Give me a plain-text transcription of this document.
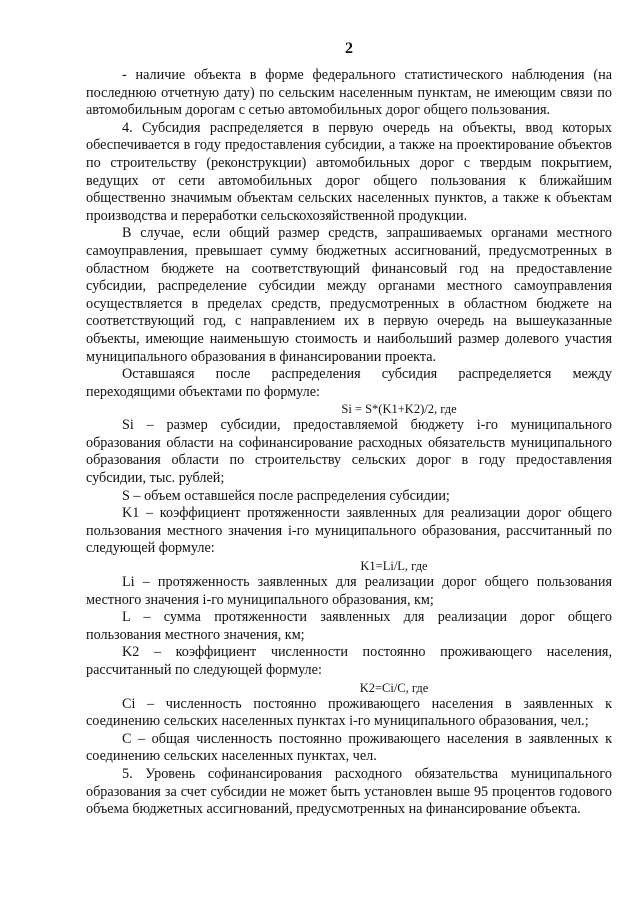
2

- наличие объекта в форме федерального статистического наблюдения (на последнюю отчетную дату) по сельским населенным пунктам, не имеющим связи по автомобильным дорогам с сетью автомобильных дорог общего пользования.

4. Субсидия распределяется в первую очередь на объекты, ввод которых обеспечивается в году предоставления субсидии, а также на проектирование объектов по строительству (реконструкции) автомобильных дорог с твердым покрытием, ведущих от сети автомобильных дорог общего пользования к ближайшим общественно значимым объектам сельских населенных пунктов, а также к объектам производства и переработки сельскохозяйственной продукции.

В случае, если общий размер средств, запрашиваемых органами местного самоуправления, превышает сумму бюджетных ассигнований, предусмотренных в областном бюджете на соответствующий финансовый год на предоставление субсидии, распределение субсидии между органами местного самоуправления осуществляется в пределах средств, предусмотренных в областном бюджете на соответствующий год, с направлением их в первую очередь на вышеуказанные объекты, имеющие наименьшую стоимость и наибольший размер долевого участия муниципального образования в финансировании проекта.

Оставшаяся после распределения субсидия распределяется между переходящими объектами по формуле:

Si = S*(K1+K2)/2, где

Si – размер субсидии, предоставляемой бюджету i-го муниципального образования области на софинансирование расходных обязательств муниципального образования области по строительству сельских дорог в году предоставления субсидии, тыс. рублей;

S – объем оставшейся после распределения субсидии;

K1 – коэффициент протяженности заявленных для реализации дорог общего пользования местного значения i-го муниципального образования, рассчитанный по следующей формуле:

K1=Li/L, где

Li – протяженность заявленных для реализации дорог общего пользования местного значения i-го муниципального образования, км;

L – сумма протяженности заявленных для реализации дорог общего пользования местного значения, км;

K2 – коэффициент численности постоянно проживающего населения, рассчитанный по следующей формуле:

K2=Ci/C, где

Ci – численность постоянно проживающего населения в заявленных к соединению сельских населенных пунктах i-го муниципального образования, чел.;

C – общая численность постоянно проживающего населения в заявленных к соединению сельских населенных пунктах, чел.

5. Уровень софинансирования расходного обязательства муниципального образования за счет субсидии не может быть установлен выше 95 процентов годового объема бюджетных ассигнований, предусмотренных на финансирование объекта.
